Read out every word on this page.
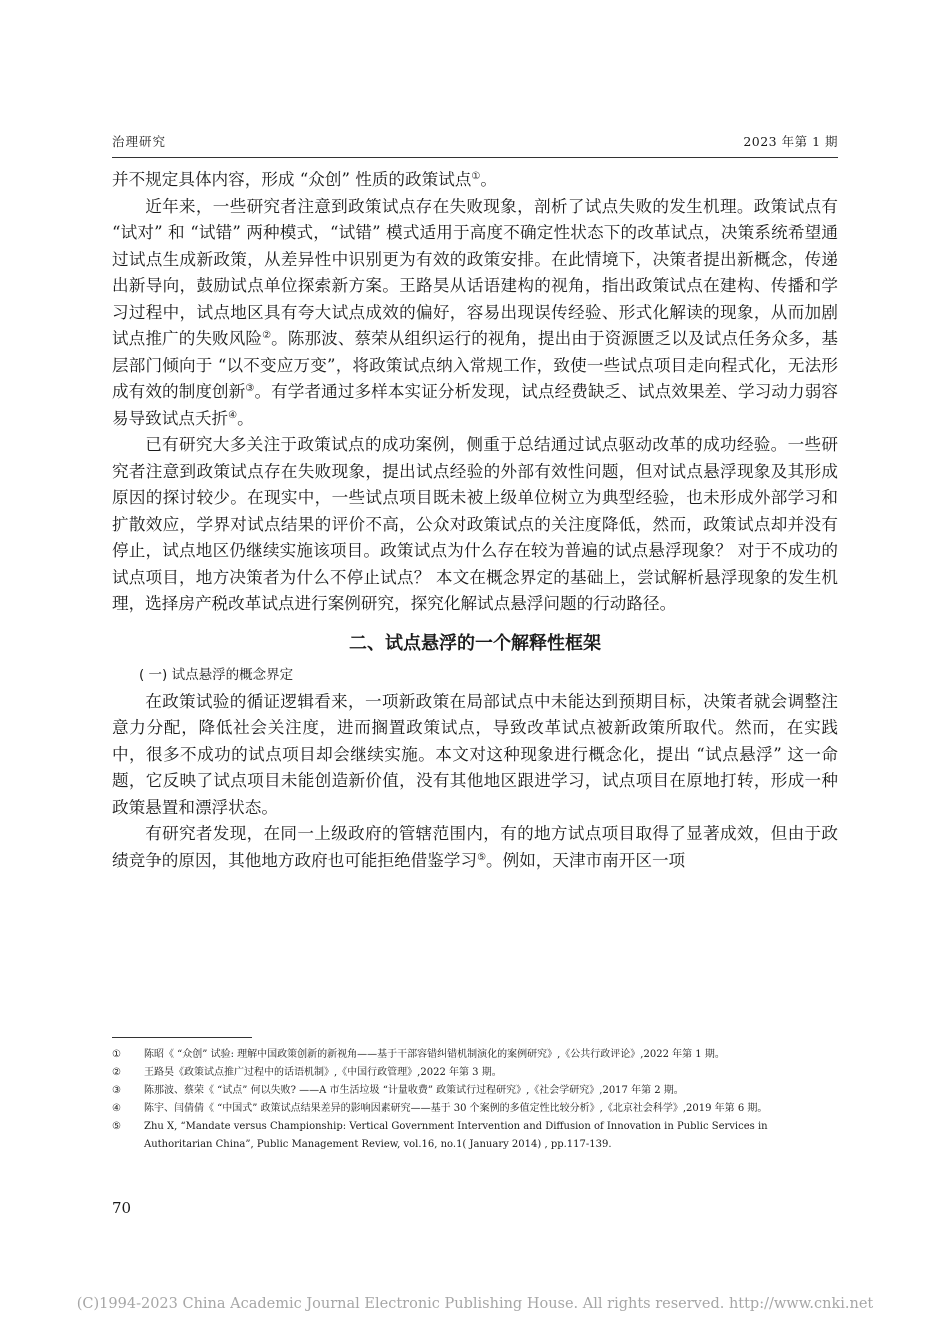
治理研究	2023 年第 1 期

并不规定具体内容，形成 “众创” 性质的政策试点①。

近年来，一些研究者注意到政策试点存在失败现象，剖析了试点失败的发生机理。政策试点有 “试对” 和 “试错” 两种模式，“试错” 模式适用于高度不确定性状态下的改革试点，决策系统希望通过试点生成新政策，从差异性中识别更为有效的政策安排。在此情境下，决策者提出新概念，传递出新导向，鼓励试点单位探索新方案。王路昊从话语建构的视角，指出政策试点在建构、传播和学习过程中，试点地区具有夸大试点成效的偏好，容易出现误传经验、形式化解读的现象，从而加剧试点推广的失败风险②。陈那波、蔡荣从组织运行的视角，提出由于资源匮乏以及试点任务众多，基层部门倾向于 “以不变应万变”，将政策试点纳入常规工作，致使一些试点项目走向程式化，无法形成有效的制度创新③。有学者通过多样本实证分析发现，试点经费缺乏、试点效果差、学习动力弱容易导致试点夭折④。

已有研究大多关注于政策试点的成功案例，侧重于总结通过试点驱动改革的成功经验。一些研究者注意到政策试点存在失败现象，提出试点经验的外部有效性问题，但对试点悬浮现象及其形成原因的探讨较少。在现实中，一些试点项目既未被上级单位树立为典型经验，也未形成外部学习和扩散效应，学界对试点结果的评价不高，公众对政策试点的关注度降低，然而，政策试点却并没有停止，试点地区仍继续实施该项目。政策试点为什么存在较为普遍的试点悬浮现象？ 对于不成功的试点项目，地方决策者为什么不停止试点？ 本文在概念界定的基础上，尝试解析悬浮现象的发生机理，选择房产税改革试点进行案例研究，探究化解试点悬浮问题的行动路径。

二、试点悬浮的一个解释性框架
( 一) 试点悬浮的概念界定

在政策试验的循证逻辑看来，一项新政策在局部试点中未能达到预期目标，决策者就会调整注意力分配，降低社会关注度，进而搁置政策试点，导致改革试点被新政策所取代。然而，在实践中，很多不成功的试点项目却会继续实施。本文对这种现象进行概念化，提出 “试点悬浮” 这一命题，它反映了试点项目未能创造新价值，没有其他地区跟进学习，试点项目在原地打转，形成一种政策悬置和漂浮状态。

有研究者发现，在同一上级政府的管辖范围内，有的地方试点项目取得了显著成效，但由于政绩竞争的原因，其他地方政府也可能拒绝借鉴学习⑤。例如，天津市南开区一项

① 陈昭《 “众创” 试验: 理解中国政策创新的新视角——基于干部容错纠错机制演化的案例研究》,《公共行政评论》,2022 年第 1 期。
② 王路昊《政策试点推广过程中的话语机制》,《中国行政管理》,2022 年第 3 期。
③ 陈那波、蔡荣《 “试点” 何以失败? ——A 市生活垃圾 “计量收费” 政策试行过程研究》,《社会学研究》,2017 年第 2 期。
④ 陈宇、闫倩倩《 “中国式” 政策试点结果差异的影响因素研究——基于 30 个案例的多值定性比较分析》,《北京社会科学》,2019 年第 6 期。
⑤ Zhu X, “Mandate versus Championship: Vertical Government Intervention and Diffusion of Innovation in Public Services in Authoritarian China”, Public Management Review, vol.16, no.1( January 2014) , pp.117-139.
70
(C)1994-2023 China Academic Journal Electronic Publishing House. All rights reserved. http://www.cnki.net
